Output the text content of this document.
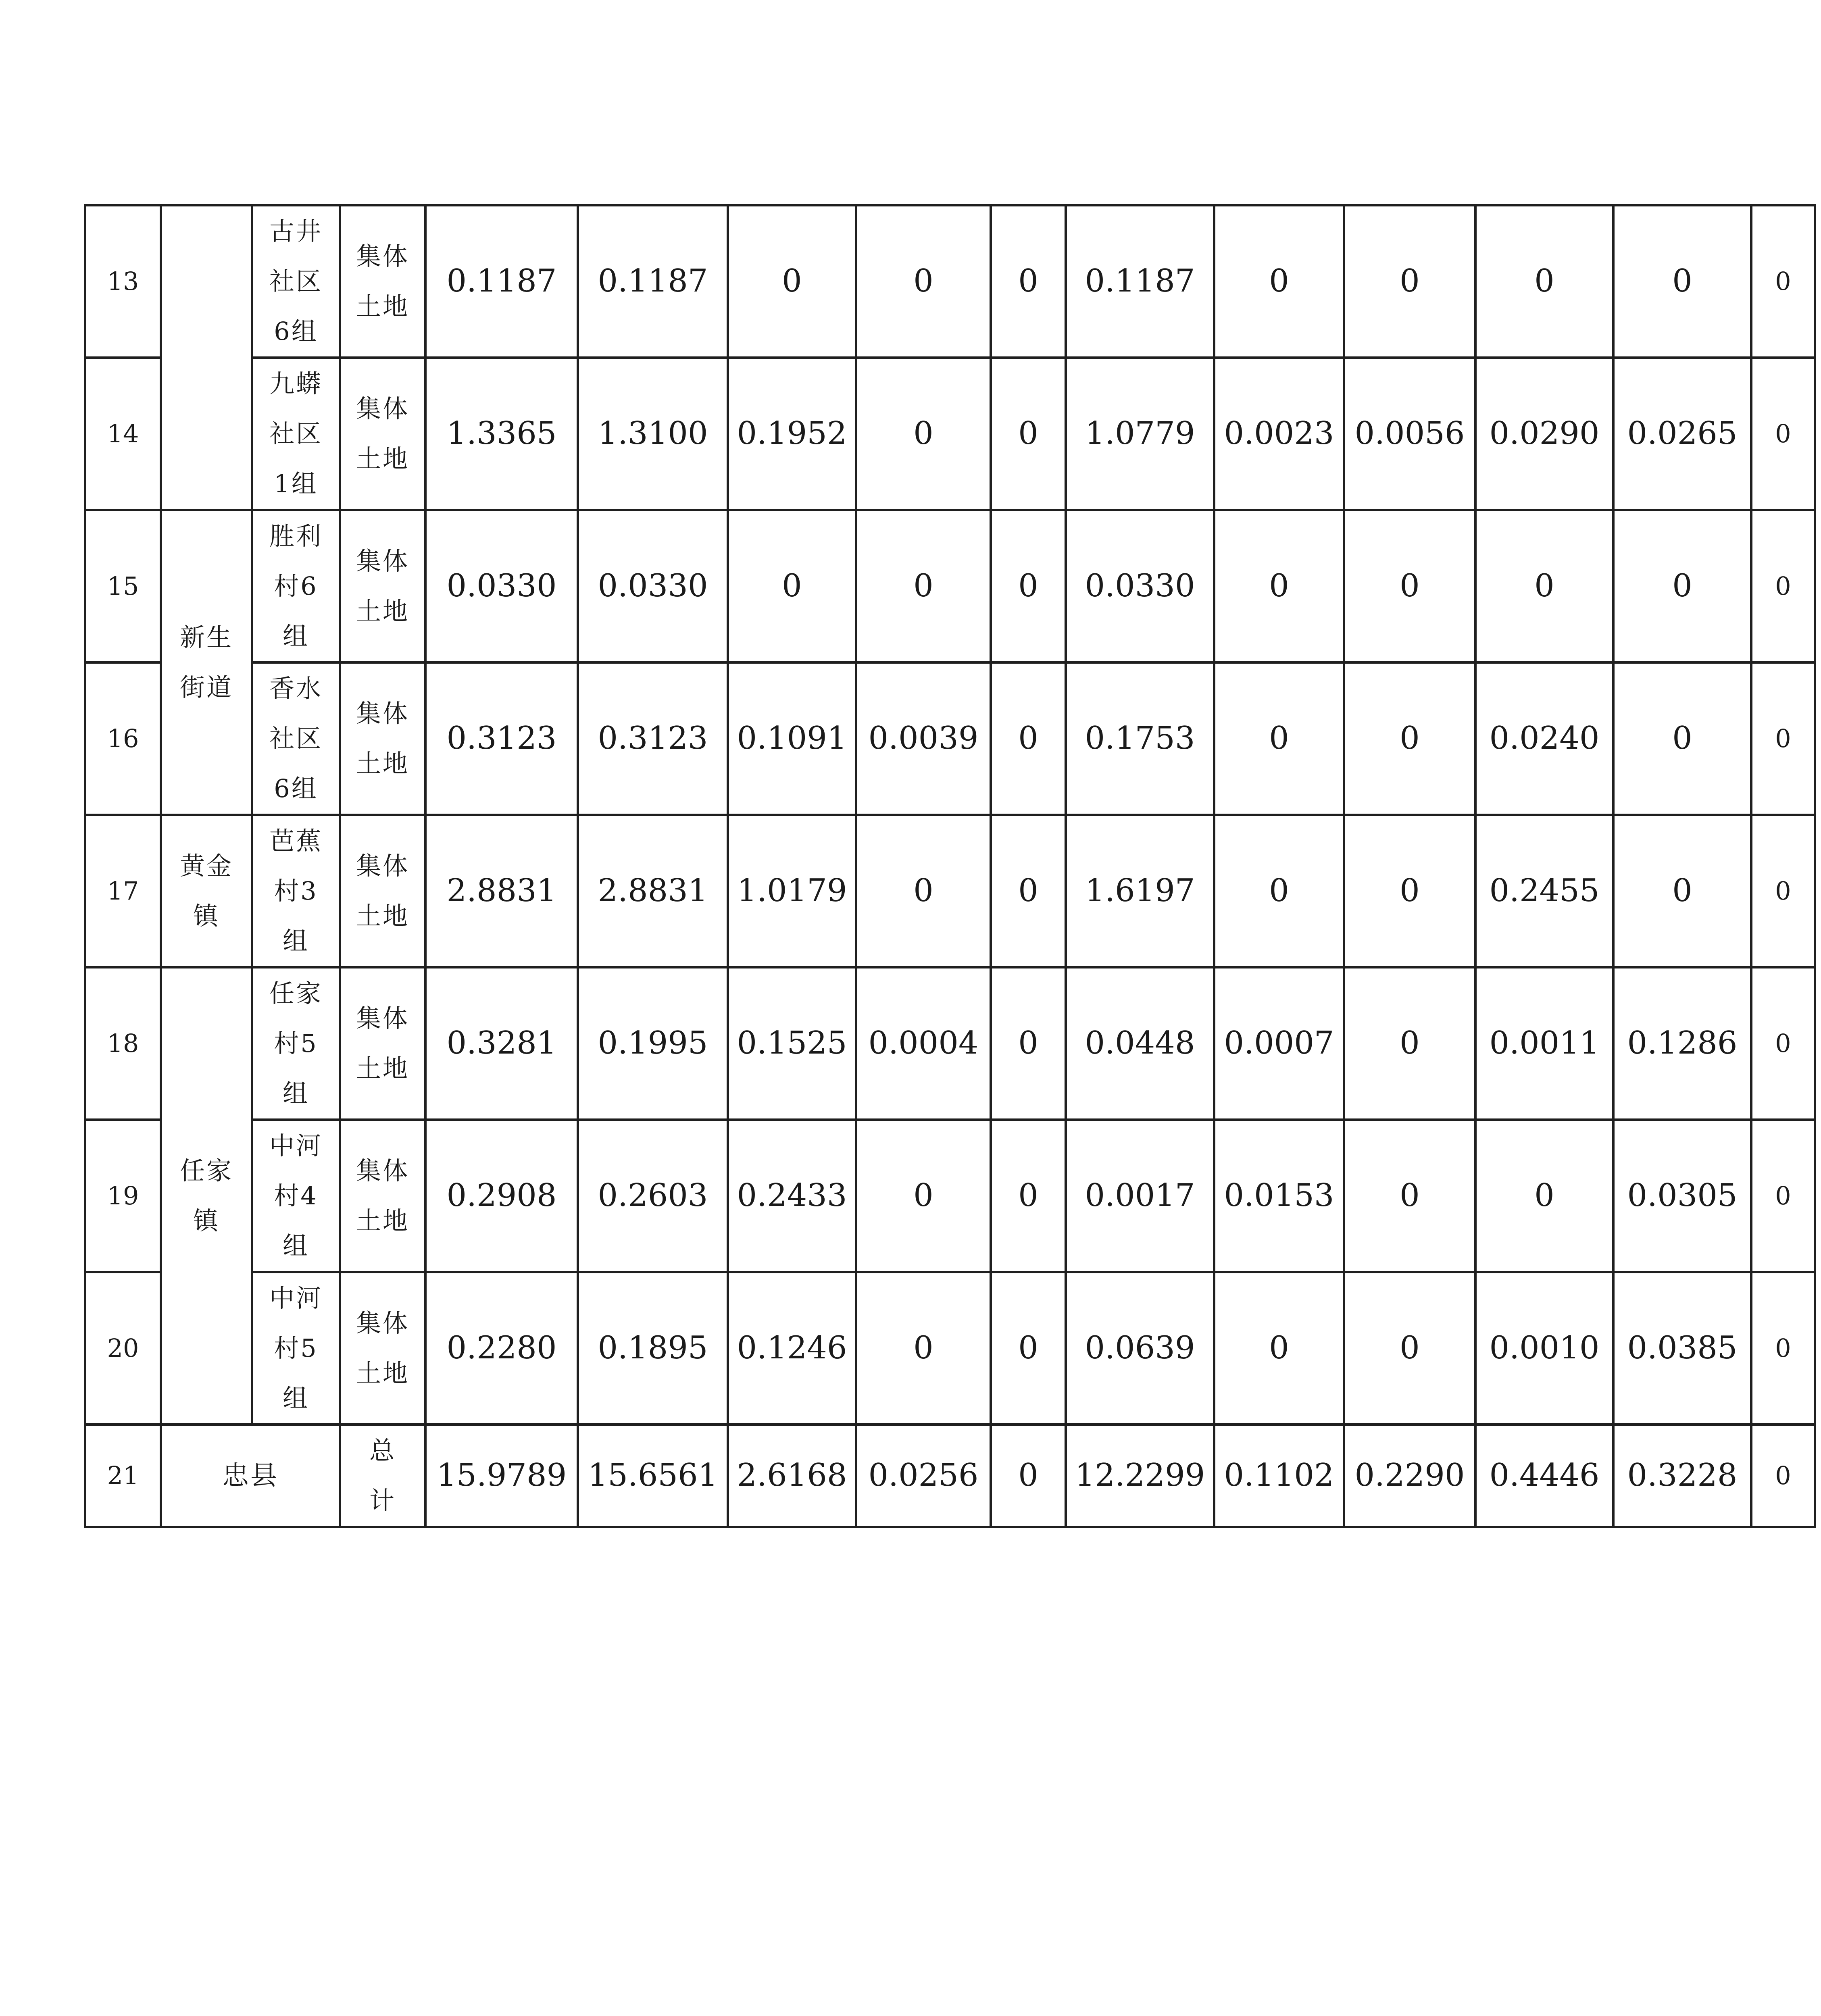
13		古井
社区
6组	集体
土地	0.1187	0.1187	0	0	0	0.1187	0	0	0	0	0
14		九蟒
社区
1组	集体
土地	1.3365	1.3100	0.1952	0	0	1.0779	0.0023	0.0056	0.0290	0.0265	0
15	新生
街道	胜利
村6
组	集体
土地	0.0330	0.0330	0	0	0	0.0330	0	0	0	0	0
16		香水
社区
6组	集体
土地	0.3123	0.3123	0.1091	0.0039	0	0.1753	0	0	0.0240	0	0
17	黄金
镇	芭蕉
村3
组	集体
土地	2.8831	2.8831	1.0179	0	0	1.6197	0	0	0.2455	0	0
18	任家
镇	任家
村5
组	集体
土地	0.3281	0.1995	0.1525	0.0004	0	0.0448	0.0007	0	0.0011	0.1286	0
19		中河
村4
组	集体
土地	0.2908	0.2603	0.2433	0	0	0.0017	0.0153	0	0	0.0305	0
20		中河
村5
组	集体
土地	0.2280	0.1895	0.1246	0	0	0.0639	0	0	0.0010	0.0385	0
21	忠县		总
计	15.9789	15.6561	2.6168	0.0256	0	12.2299	0.1102	0.2290	0.4446	0.3228	0
